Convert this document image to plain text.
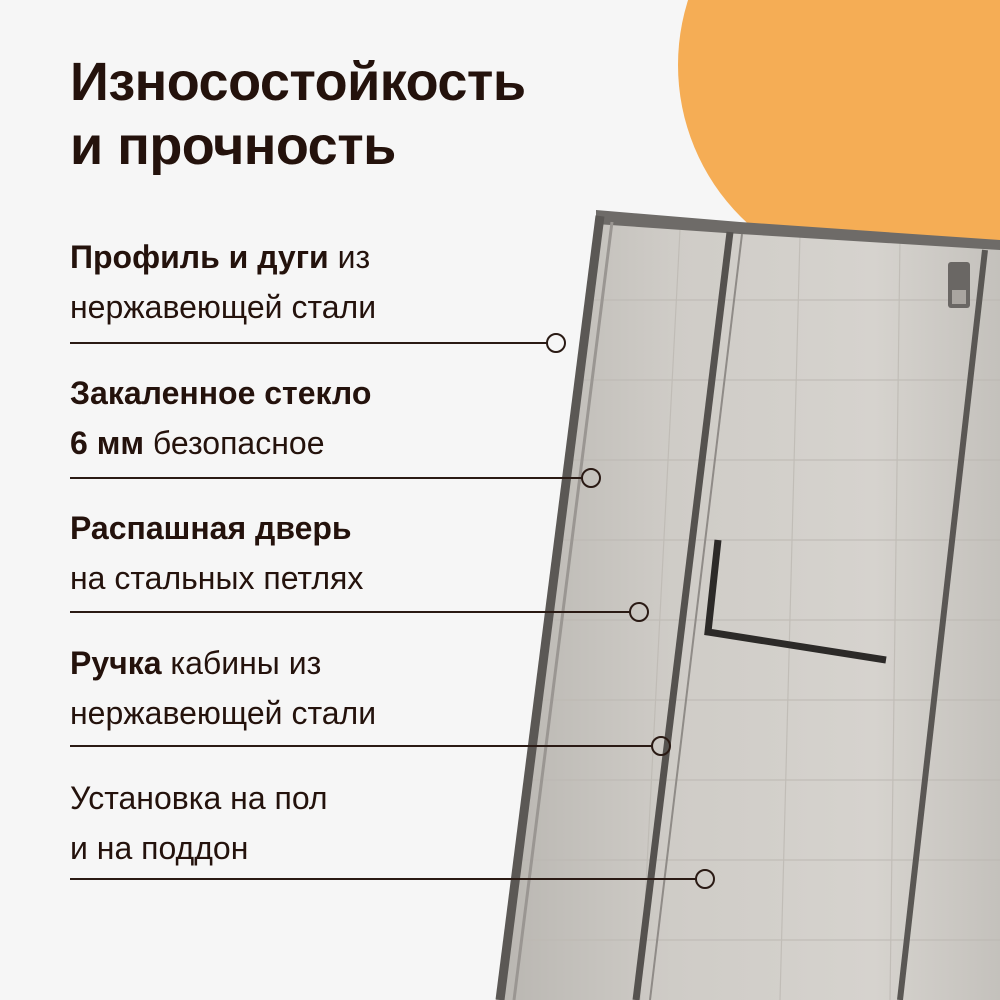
Износостойкость
и прочность
Профиль и дуги из
нержавеющей стали
Закаленное стекло
6 мм безопасное
Распашная дверь
на стальных петлях
Ручка кабины из
нержавеющей стали
Установка на пол
и на поддон
